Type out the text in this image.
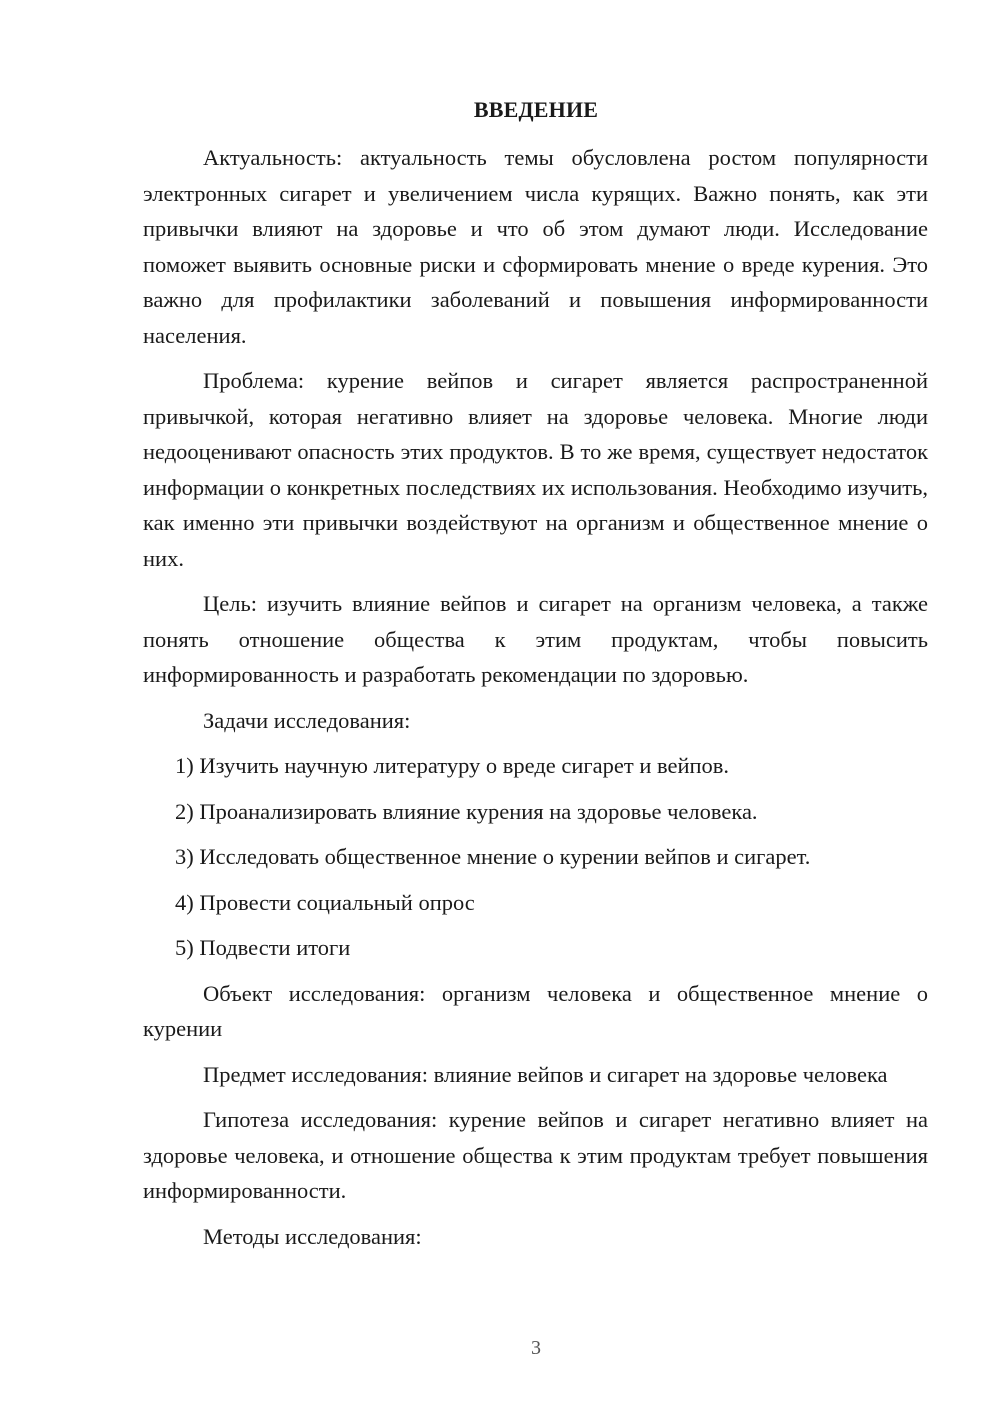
ВВЕДЕНИЕ

Актуальность: актуальность темы обусловлена ростом популярности электронных сигарет и увеличением числа курящих. Важно понять, как эти привычки влияют на здоровье и что об этом думают люди. Исследование поможет выявить основные риски и сформировать мнение о вреде курения. Это важно для профилактики заболеваний и повышения информированности населения.

Проблема: курение вейпов и сигарет является распространенной привычкой, которая негативно влияет на здоровье человека. Многие люди недооценивают опасность этих продуктов. В то же время, существует недостаток информации о конкретных последствиях их использования. Необходимо изучить, как именно эти привычки воздействуют на организм и общественное мнение о них.

Цель: изучить влияние вейпов и сигарет на организм человека, а также понять отношение общества к этим продуктам, чтобы повысить информированность и разработать рекомендации по здоровью.

Задачи исследования:

1) Изучить научную литературу о вреде сигарет и вейпов.

2) Проанализировать влияние курения на здоровье человека.

3) Исследовать общественное мнение о курении вейпов и сигарет.

4) Провести социальный опрос

5) Подвести итоги

Объект исследования: организм человека и общественное мнение о курении

Предмет исследования: влияние вейпов и сигарет на здоровье человека

Гипотеза исследования: курение вейпов и сигарет негативно влияет на здоровье человека, и отношение общества к этим продуктам требует повышения информированности.

Методы исследования:

3
